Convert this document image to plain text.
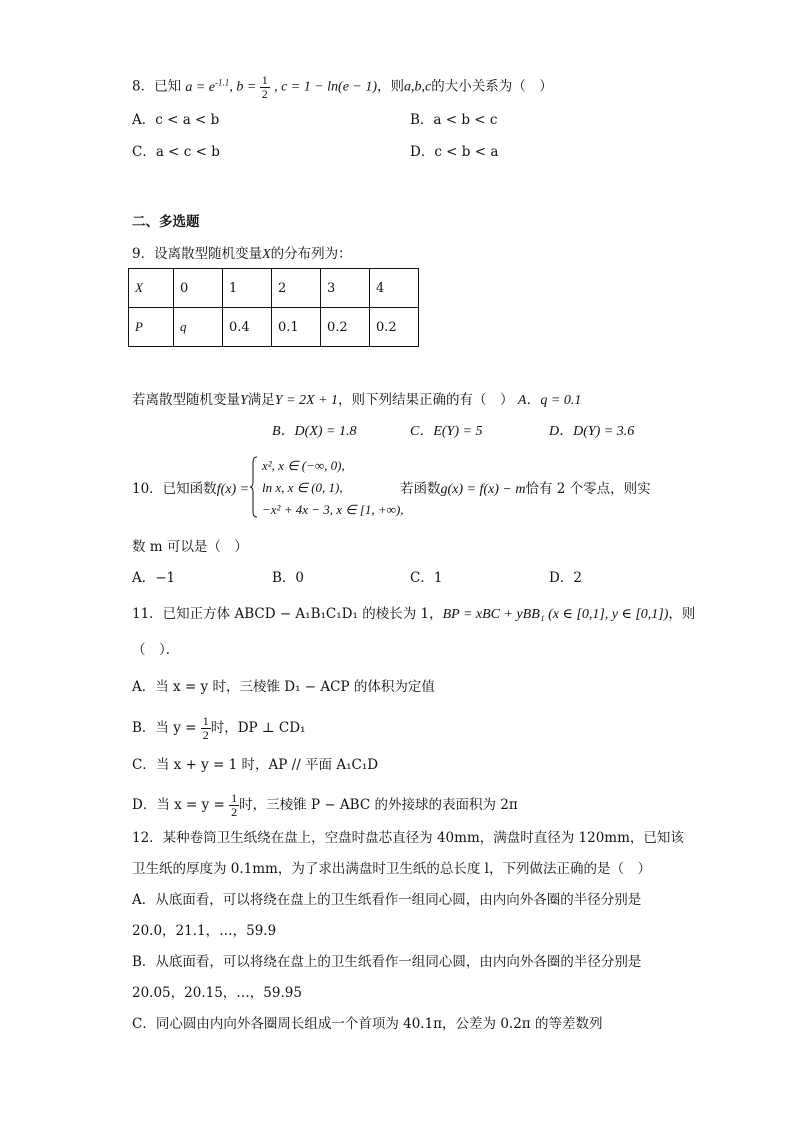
8．已知 $a = e^{-1.1}$, $b = \frac{1}{2}$ , c = 1 − ln(e − 1)，则a,b,c的大小关系为（　）
A．c < a < b	B．a < b < c
C．a < c < b	D．c < b < a
二、多选题
9．设离散型随机变量X的分布列为：
X	0	1	2	3	4
P	q	0.4	0.1	0.2	0.2
若离散型随机变量Y满足Y = 2X + 1，则下列结果正确的有（　） A．q = 0.1
B．D(X) = 1.8	C．E(Y) = 5	D．D(Y) = 3.6
10．已知函数f(x) =
x², x ∈ (−∞, 0),
ln x, x ∈ (0, 1),
−x² + 4x − 3, x ∈ [1, +∞),
若函数g(x) = f(x) − m恰有 2 个零点，则实
数 m 可以是（　）
A．−1	B．0	C．1	D．2
11．已知正方体 ABCD − A₁B₁C₁D₁ 的棱长为 1，BP = xBC + yBB₁ (x ∈ [0,1], y ∈ [0,1])，则
（　）．
A．当 x = y 时，三棱锥 D₁ − ACP 的体积为定值
B．当 $y = \frac{1}{2}$ 时，DP ⊥ CD₁
C．当 x + y = 1 时，AP // 平面 A₁C₁D
D．当 $x = y = \frac{1}{2}$ 时，三棱锥 P − ABC 的外接球的表面积为 2π
12．某种卷筒卫生纸绕在盘上，空盘时盘芯直径为 40mm，满盘时直径为 120mm，已知该
卫生纸的厚度为 0.1mm，为了求出满盘时卫生纸的总长度 l，下列做法正确的是（　）
A．从底面看，可以将绕在盘上的卫生纸看作一组同心圆，由内向外各圈的半径分别是
20.0，21.1，…，59.9
B．从底面看，可以将绕在盘上的卫生纸看作一组同心圆，由内向外各圈的半径分别是
20.05，20.15，…，59.95
C．同心圆由内向外各圈周长组成一个首项为 40.1π，公差为 0.2π 的等差数列
